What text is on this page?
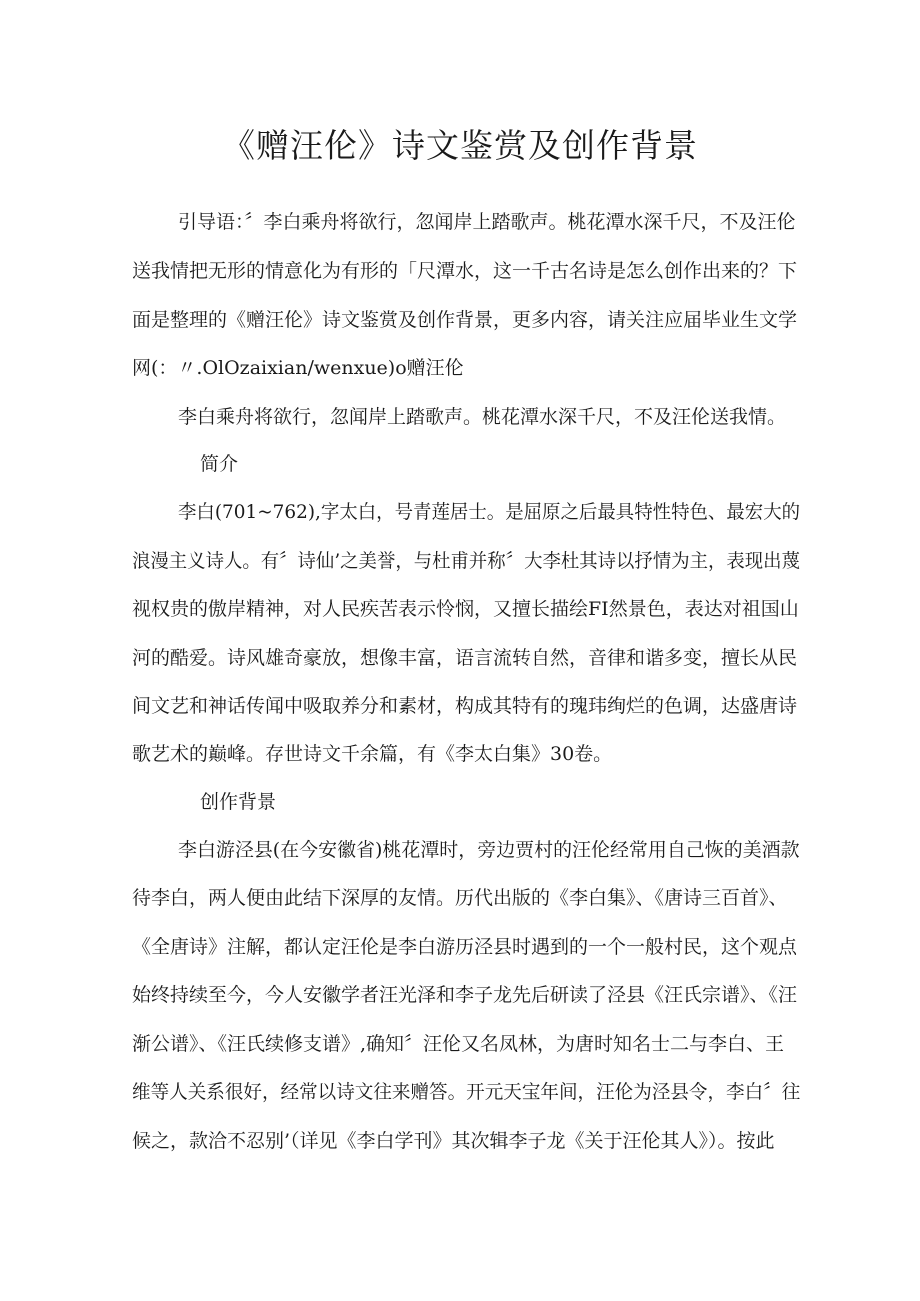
《赠汪伦》诗文鉴赏及创作背景

引导语：〞李白乘舟将欲行，忽闻岸上踏歌声。桃花潭水深千尺，不及汪伦

送我情把无形的情意化为有形的「尺潭水，这一千古名诗是怎么创作出来的？下

面是整理的《赠汪伦》诗文鉴赏及创作背景，更多内容，请关注应届毕业生文学

网(：〃.OlOzaixian∕wenxue)o赠汪伦

李白乘舟将欲行，忽闻岸上踏歌声。桃花潭水深千尺，不及汪伦送我情。

简介

李白(701~762),字太白，号青莲居士。是屈原之后最具特性特色、最宏大的

浪漫主义诗人。有〞诗仙’之美誉，与杜甫并称〞大李杜其诗以抒情为主，表现出蔑

视权贵的傲岸精神，对人民疾苦表示怜悯，又擅长描绘FI然景色，表达对祖国山

河的酷爱。诗风雄奇豪放，想像丰富，语言流转自然，音律和谐多变，擅长从民

间文艺和神话传闻中吸取养分和素材，构成其特有的瑰玮绚烂的色调，达盛唐诗

歌艺术的巅峰。存世诗文千余篇，有《李太白集》30卷。

创作背景

李白游泾县(在今安徽省)桃花潭时，旁边贾村的汪伦经常用自己恢的美酒款

待李白，两人便由此结下深厚的友情。历代出版的《李白集》、《唐诗三百首》、

《全唐诗》注解，都认定汪伦是李白游历泾县时遇到的一个一般村民，这个观点

始终持续至今，今人安徽学者汪光泽和李子龙先后研读了泾县《汪氏宗谱》、《汪

渐公谱》、《汪氏续修支谱》,确知〞汪伦又名凤林，为唐时知名士二与李白、王

维等人关系很好，经常以诗文往来赠答。开元天宝年间，汪伦为泾县令，李白〞往

候之，款洽不忍别’（详见《李白学刊》其次辑李子龙《关于汪伦其人》）。按此
